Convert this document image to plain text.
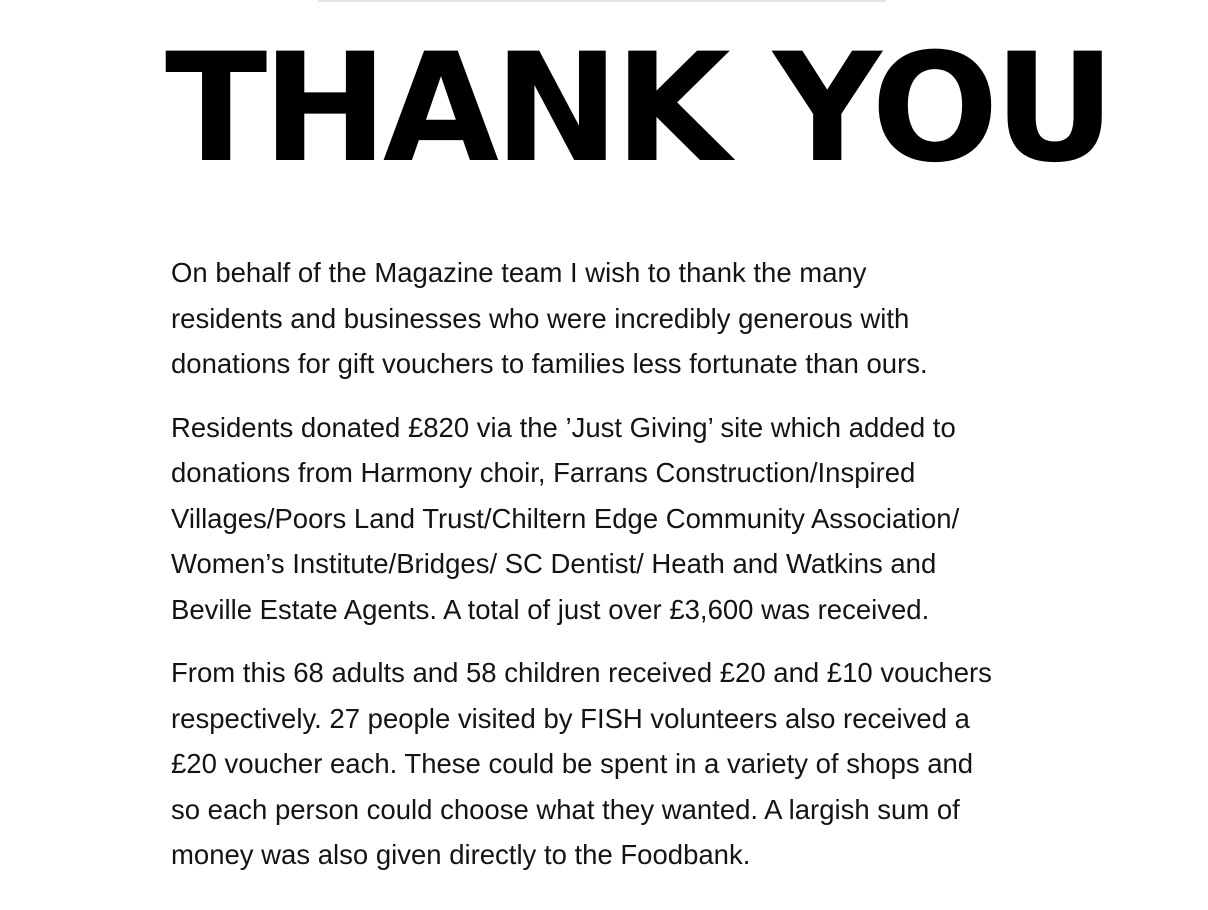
THANK YOU

On behalf of the Magazine team I wish to thank the many
residents and businesses who were incredibly generous with
donations for gift vouchers to families less fortunate than ours.

Residents donated £820 via the ’Just Giving’ site which added to
donations from Harmony choir, Farrans Construction/Inspired
Villages/Poors Land Trust/Chiltern Edge Community Association/
Women’s Institute/Bridges/ SC Dentist/ Heath and Watkins and
Beville Estate Agents. A total of just over £3,600 was received.

From this 68 adults and 58 children received £20 and £10 vouchers
respectively. 27 people visited by FISH volunteers also received a
£20 voucher each. These could be spent in a variety of shops and
so each person could choose what they wanted. A largish sum of
money was also given directly to the Foodbank.
